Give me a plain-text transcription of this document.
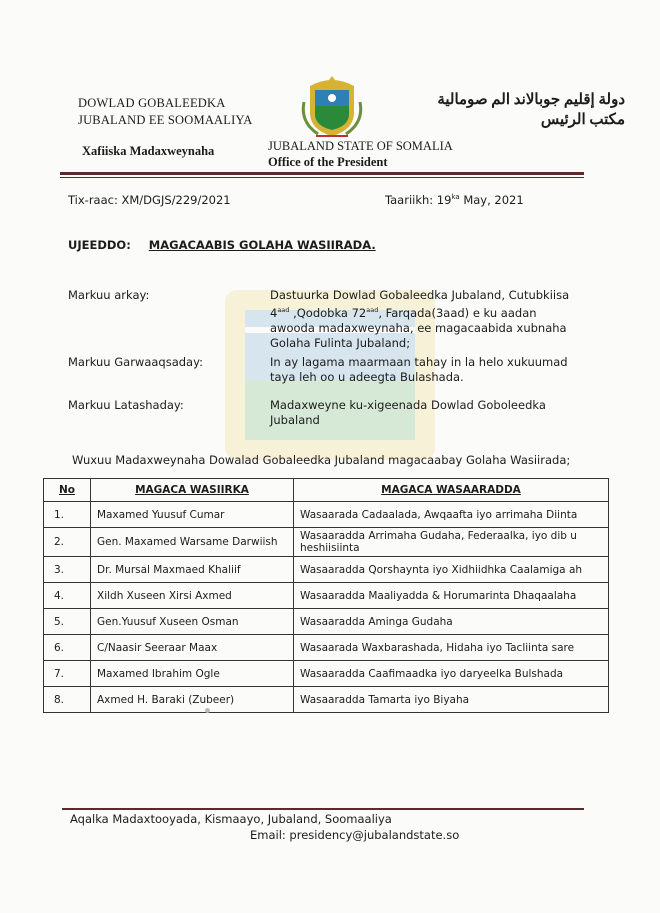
DOWLAD GOBALEEDKA
JUBALAND EE SOOMAALIYA
دولة إقليم جوبالاند الم صومالية
مكتب الرئيس
Xafiiska Madaxweynaha	JUBALAND STATE OF SOMALIA
Office of the President
Tix-raac: XM/DGJS/229/2021	Taariikh: $19^{ka}$ May, 2021
UJEEDDO: MAGACAABIS GOLAHA WASIIRADA.
Markuu arkay:	Dastuurka Dowlad Gobaleedka Jubaland, Cutubkiisa $4^{aad}$ ,Qodobka $72^{aad}$, Farqada(3aad) e ku aadan awooda madaxweynaha, ee magacaabida xubnaha Golaha Fulinta Jubaland;
Markuu Garwaaqsaday:	In ay lagama maarmaan tahay in la helo xukuumad taya leh oo u adeegta Bulashada.
Markuu Latashaday:	Madaxweyne ku-xigeenada Dowlad Goboleedka Jubaland
Wuxuu Madaxweynaha Dowalad Gobaleedka Jubaland magacaabay Golaha Wasiirada;
No	MAGACA WASIIRKA	MAGACA WASAARADDA
1.	Maxamed Yuusuf Cumar	Wasaarada Cadaalada, Awqaafta iyo arrimaha Diinta
2.	Gen. Maxamed Warsame Darwiish	Wasaaradda Arrimaha Gudaha, Federaalka, iyo dib u heshiisiinta
3.	Dr. Mursal Maxmaed Khaliif	Wasaaradda Qorshaynta iyo Xidhiidhka Caalamiga ah
4.	Xildh Xuseen Xirsi Axmed	Wasaaradda Maaliyadda & Horumarinta Dhaqaalaha
5.	Gen.Yuusuf Xuseen Osman	Wasaaradda Aminga Gudaha
6.	C/Naasir Seeraar Maax	Wasaarada Waxbarashada, Hidaha iyo Tacliinta sare
7.	Maxamed Ibrahim Ogle	Wasaaradda Caafimaadka iyo daryeelka Bulshada
8.	Axmed H. Baraki (Zubeer)	Wasaaradda Tamarta iyo Biyaha
Aqalka Madaxtooyada, Kismaayo, Jubaland, Soomaaliya
Email: presidency@jubalandstate.so
